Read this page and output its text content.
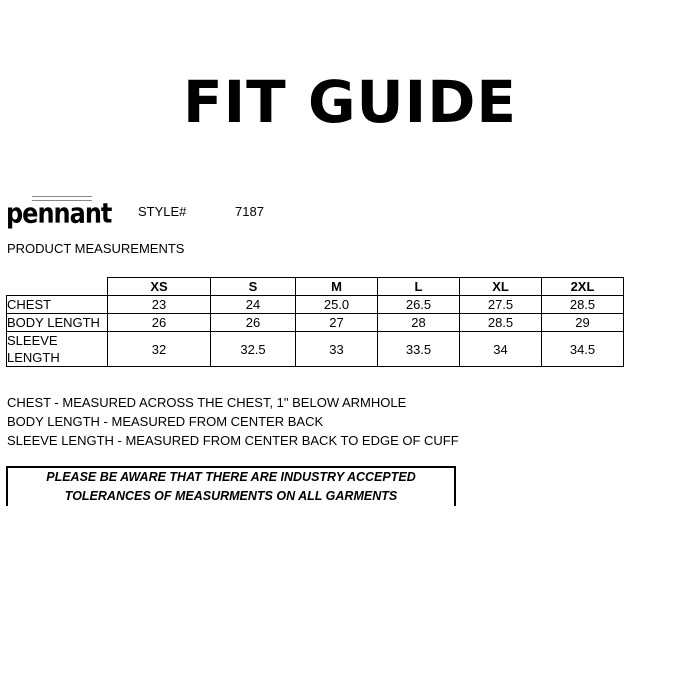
FIT GUIDE
pennant STYLE#	7187
PRODUCT MEASUREMENTS
	XS	S	M	L	XL	2XL
CHEST	23	24	25.0	26.5	27.5	28.5
BODY LENGTH	26	26	27	28	28.5	29
SLEEVE LENGTH	32	32.5	33	33.5	34	34.5
CHEST - MEASURED ACROSS THE CHEST, 1" BELOW ARMHOLE
BODY LENGTH - MEASURED FROM CENTER BACK
SLEEVE LENGTH - MEASURED FROM CENTER BACK TO EDGE OF CUFF
PLEASE BE AWARE THAT THERE ARE INDUSTRY ACCEPTED
TOLERANCES OF MEASURMENTS ON ALL GARMENTS
